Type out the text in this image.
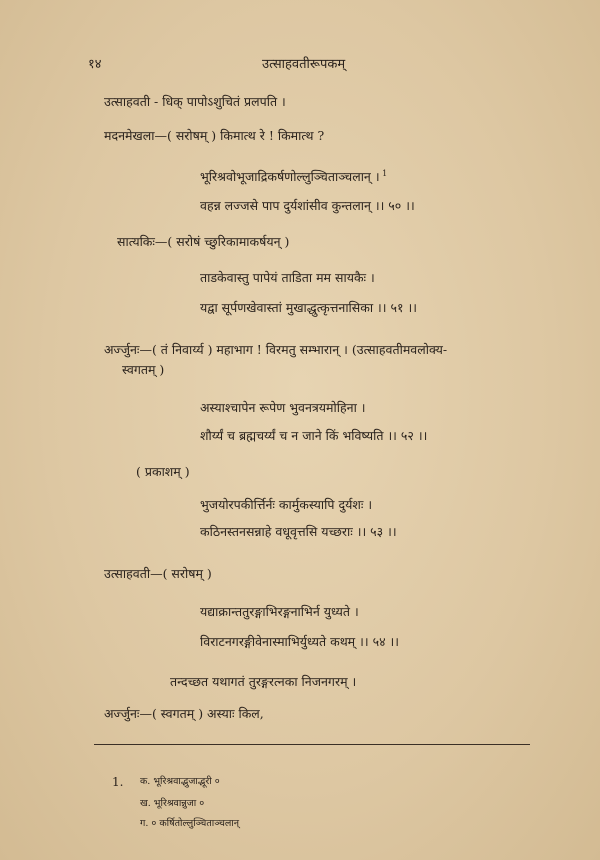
१४	उत्साहवतीरूपकम्
उत्साहवती - धिक् पापोऽशुचितं प्रलपति ।
मदनमेखला—( सरोषम् ) किमात्थ रे ! किमात्थ ?
भूरिश्रवोभूजाद्रिकर्षणोल्लुञ्चिताञ्चलान् । $^1$
वहन्न लज्जसे पाप दुर्यशांसीव कुन्तलान् ।। ५० ।।
सात्यकिः—( सरोषं च्छुरिकामाकर्षयन् )
ताडकेवास्तु पापेयं ताडिता मम सायकैः ।
यद्वा सूर्पणखेवास्तां मुखाद्धुत्कृत्तनासिका ।। ५१ ।।
अर्ज्जुनः—( तं निवार्य्य ) महाभाग ! विरमतु सम्भारान् । (उत्साहवतीमवलोक्य-
स्वगतम् )
अस्याश्चापेन रूपेण भुवनत्रयमोहिना ।
शौर्य्यं च ब्रह्मचर्य्यं च न जाने किं भविष्यति ।। ५२ ।।
( प्रकाशम् )
भुजयोरपकीर्त्तिर्नः कार्मुकस्यापि दुर्यशः ।
कठिनस्तनसन्नाहे वधूवृत्तसि यच्छराः ।। ५३ ।।
उत्साहवती—( सरोषम् )
यद्याक्रान्ततुरङ्गाभिरङ्गनाभिर्न युध्यते ।
विराटनगरङ्गीवेनास्माभिर्युध्यते कथम् ।। ५४ ।।
तन्दच्छत यथागतं तुरङ्गरत्नका निजनगरम् ।
अर्ज्जुनः—( स्वगतम् ) अस्याः किल,
1. क. भूरिश्रवाद्भुजाद्भूरी ०
ख. भूरिश्रवान्नुजा ०
ग. ० कर्षितोल्लुञ्चिताञ्चलान्
